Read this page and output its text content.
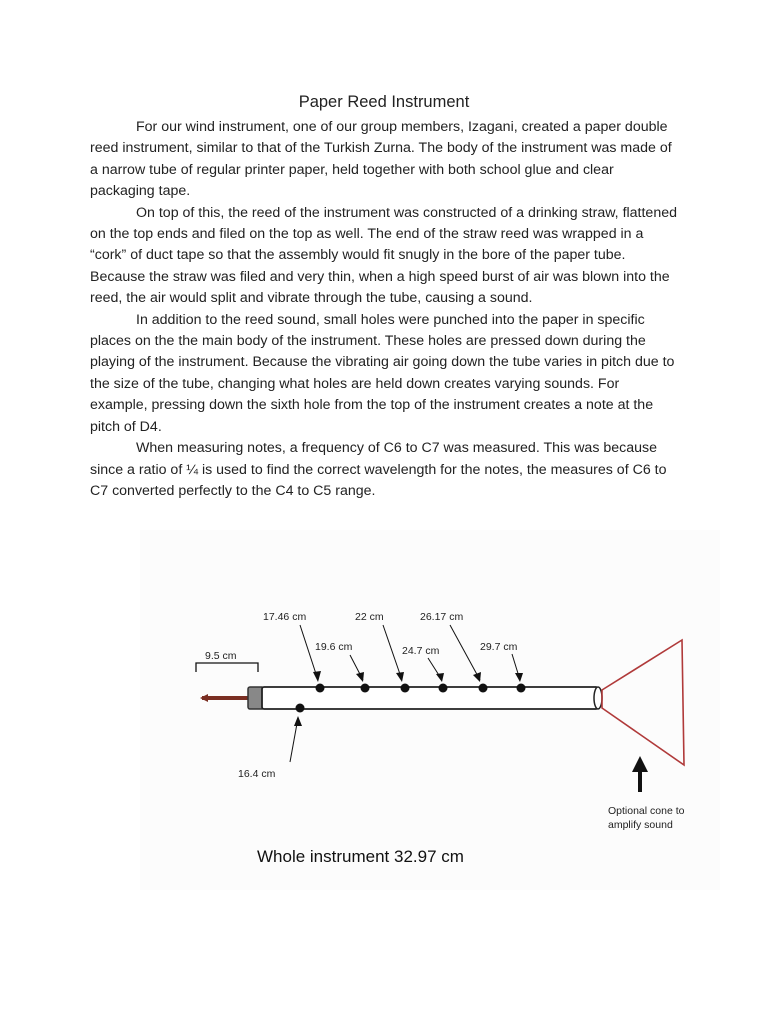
Paper Reed Instrument

For our wind instrument, one of our group members, Izagani, created a paper double reed instrument, similar to that of the Turkish Zurna. The body of the instrument was made of a narrow tube of regular printer paper, held together with both school glue and clear packaging tape.

On top of this, the reed of the instrument was constructed of a drinking straw, flattened on the top ends and filed on the top as well. The end of the straw reed was wrapped in a “cork” of duct tape so that the assembly would fit snugly in the bore of the paper tube. Because the straw was filed and very thin, when a high speed burst of air was blown into the reed, the air would split and vibrate through the tube, causing a sound.

In addition to the reed sound, small holes were punched into the paper in specific places on the the main body of the instrument. These holes are pressed down during the playing of the instrument. Because the vibrating air going down the tube varies in pitch due to the size of the tube, changing what holes are held down creates varying sounds. For example, pressing down the sixth hole from the top of the instrument creates a note at the pitch of D4.

When measuring notes, a frequency of C6 to C7 was measured. This was because since a ratio of ¼ is used to find the correct wavelength for the notes, the measures of C6 to C7 converted perfectly to the C4 to C5 range.

9.5 cm
17.46 cm
19.6 cm
22 cm
24.7 cm
26.17 cm
29.7 cm
16.4 cm
Optional cone to
amplify sound
Whole instrument 32.97 cm
